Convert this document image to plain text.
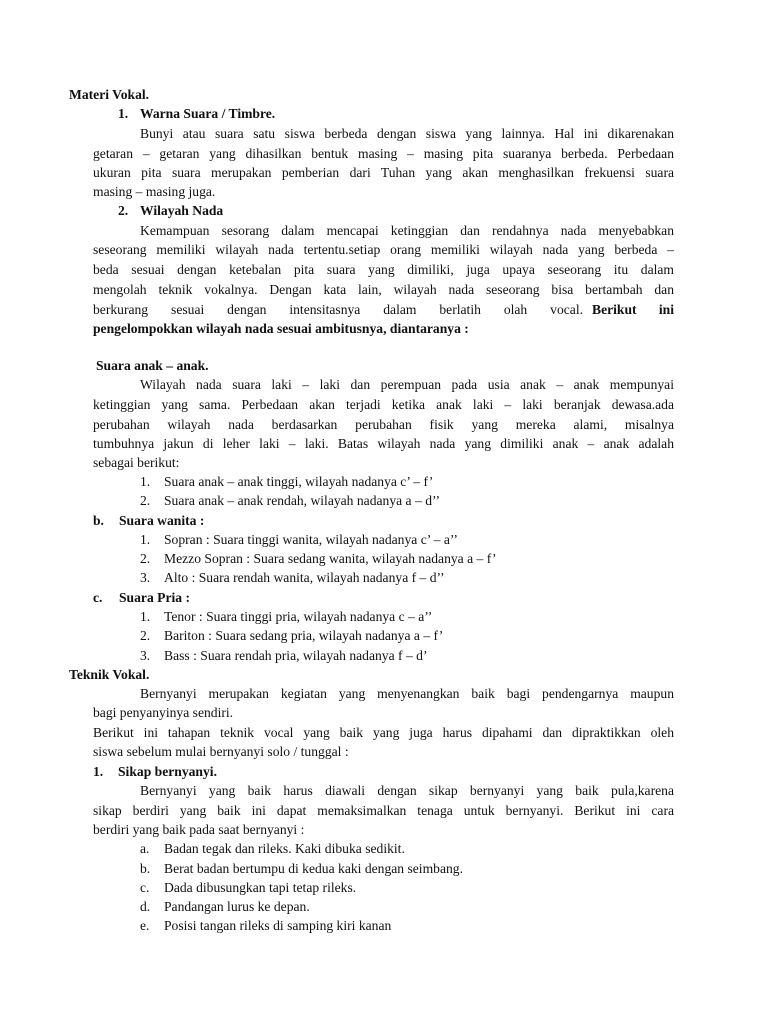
Materi Vokal.
1. Warna Suara / Timbre.
Bunyi atau suara satu siswa berbeda dengan siswa yang lainnya. Hal ini dikarenakan
getaran – getaran yang dihasilkan bentuk masing – masing pita suaranya berbeda. Perbedaan
ukuran pita suara merupakan pemberian dari Tuhan yang akan menghasilkan frekuensi suara
masing – masing juga.
2. Wilayah Nada
Kemampuan sesorang dalam mencapai ketinggian dan rendahnya nada menyebabkan
seseorang memiliki wilayah nada tertentu.setiap orang memiliki wilayah nada yang berbeda –
beda sesuai dengan ketebalan pita suara yang dimiliki, juga upaya seseorang itu dalam
mengolah teknik vokalnya. Dengan kata lain, wilayah nada seseorang bisa bertambah dan
berkurang sesuai dengan intensitasnya dalam berlatih olah vocal. Berikut ini
pengelompokkan wilayah nada sesuai ambitusnya, diantaranya :
Suara anak – anak.
Wilayah nada suara laki – laki dan perempuan pada usia anak – anak mempunyai
ketinggian yang sama. Perbedaan akan terjadi ketika anak laki – laki beranjak dewasa.ada
perubahan wilayah nada berdasarkan perubahan fisik yang mereka alami, misalnya
tumbuhnya jakun di leher laki – laki. Batas wilayah nada yang dimiliki anak – anak adalah
sebagai berikut:
1. Suara anak – anak tinggi, wilayah nadanya c’ – f’
2. Suara anak – anak rendah, wilayah nadanya a – d’’
b. Suara wanita :
1. Sopran : Suara tinggi wanita, wilayah nadanya c’ – a’’
2. Mezzo Sopran : Suara sedang wanita, wilayah nadanya a – f’
3. Alto : Suara rendah wanita, wilayah nadanya f – d’’
c. Suara Pria :
1. Tenor : Suara tinggi pria, wilayah nadanya c – a’’
2. Bariton : Suara sedang pria, wilayah nadanya a – f’
3. Bass : Suara rendah pria, wilayah nadanya f – d’
Teknik Vokal.
Bernyanyi merupakan kegiatan yang menyenangkan baik bagi pendengarnya maupun
bagi penyanyinya sendiri.
Berikut ini tahapan teknik vocal yang baik yang juga harus dipahami dan dipraktikkan oleh
siswa sebelum mulai bernyanyi solo / tunggal :
1. Sikap bernyanyi.
Bernyanyi yang baik harus diawali dengan sikap bernyanyi yang baik pula,karena
sikap berdiri yang baik ini dapat memaksimalkan tenaga untuk bernyanyi. Berikut ini cara
berdiri yang baik pada saat bernyanyi :
a. Badan tegak dan rileks. Kaki dibuka sedikit.
b. Berat badan bertumpu di kedua kaki dengan seimbang.
c. Dada dibusungkan tapi tetap rileks.
d. Pandangan lurus ke depan.
e. Posisi tangan rileks di samping kiri kanan
